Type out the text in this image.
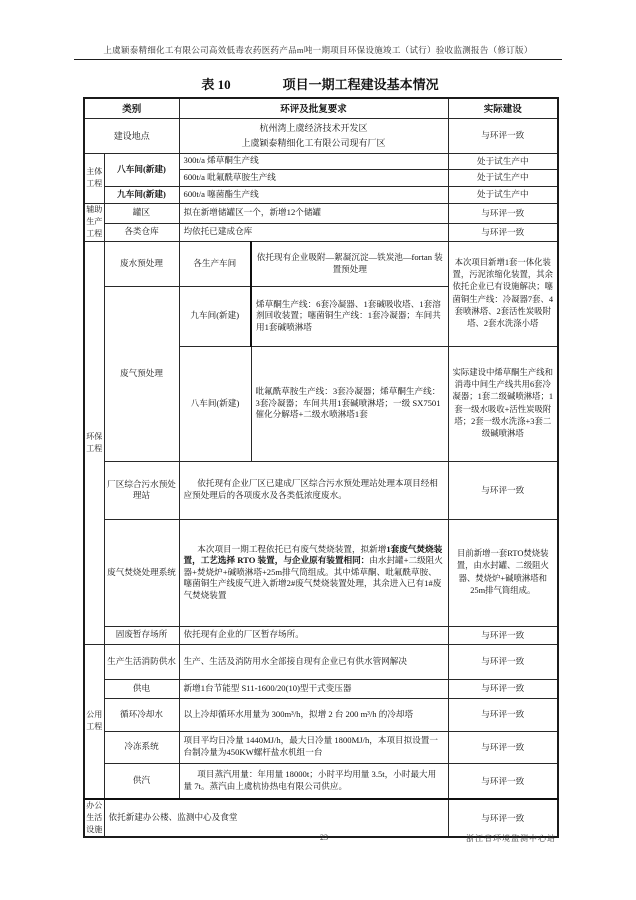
上虞颖泰精细化工有限公司高效低毒农药医药产品m吨一期项目环保设施竣工（试行）验收监测报告（修订版）
表 10	项目一期工程建设基本情况
类别		环评及批复要求		实际建设
建设地点		杭州湾上虞经济技术开发区
上虞颖泰精细化工有限公司现有厂区		与环评一致
主体工程	八车间(新建)	300t/a 烯草酮生产线		处于试生产中
		600t/a 吡氟酰草胺生产线		处于试生产中
	九车间(新建)	600t/a 噻菌酯生产线		处于试生产中
辅助生产工程	罐区	拟在新增储罐区一个，新增12个储罐		与环评一致
	各类仓库	均依托已建成仓库		与环评一致
环保工程	废水预处理	各生产车间	依托现有企业吸附—絮凝沉淀—铁炭池—fortan 装置预处理	本次项目新增1套一体化装置，污泥浓缩化装置，其余依托企业已有设施解决；噻菌铜生产线：冷凝器7套、4套喷淋塔、2套活性炭吸附塔、2套水洗涤小塔
	废气预处理	九车间(新建)	烯草酮生产线：6套冷凝器、1套碱吸收塔、1套溶剂回收装置；噻菌铜生产线：1套冷凝器；车间共用1套碱喷淋塔	
		八车间(新建)	吡氟酰草胺生产线：3套冷凝器；烯草酮生产线：3套冷凝器；车间共用1套碱喷淋塔；一级 SX7501 催化分解塔+二级水喷淋塔1套	实际建设中烯草酮生产线和消毒中间生产线共用6套冷凝器；1套二级碱喷淋塔；1套一级水吸收+活性炭吸附塔；2套一级水洗涤+3套二级碱喷淋塔
	厂区综合污水预处理站	依托现有企业厂区已建成厂区综合污水预处理站处理本项目经相应预处理后的各项废水及各类低浓度废水。		与环评一致
	废气焚烧处理系统	本次项目一期工程依托已有废气焚烧装置，拟新增1套废气焚烧装置，工艺选择 RTO 装置，与企业原有装置相同：由水封罐+二级阻火器+焚烧炉+碱喷淋塔+25m排气筒组成。其中烯草酮、吡氟酰草胺、噻菌铜生产线废气进入新增2#废气焚烧装置处理，其余进入已有1#废气焚烧装置		目前新增一套RTO焚烧装置，由水封罐、二级阻火器、焚烧炉+碱喷淋塔和25m排气筒组成。
	固废暂存场所	依托现有企业的厂区暂存场所。		与环评一致
公用工程	生产生活消防供水	生产、生活及消防用水全部接自现有企业已有供水管网解决		与环评一致
	供电	新增1台节能型 S11-1600/20(10)型干式变压器		与环评一致
	循环冷却水	以上冷却循环水用量为 300m³/h，拟增 2 台 200 m³/h 的冷却塔		与环评一致
	冷冻系统	项目平均日冷量 1440MJ/h，最大日冷量 1800MJ/h，本项目拟设置一台制冷量为450KW螺杆盐水机组一台		与环评一致
	供汽	项目蒸汽用量：年用量 18000t；小时平均用量 3.5t，小时最大用量 7t。蒸汽由上虞杭协热电有限公司供应。		与环评一致
办公生活设施	依托新建办公楼、监测中心及食堂			与环评一致
23	浙江省环境监测中心站
